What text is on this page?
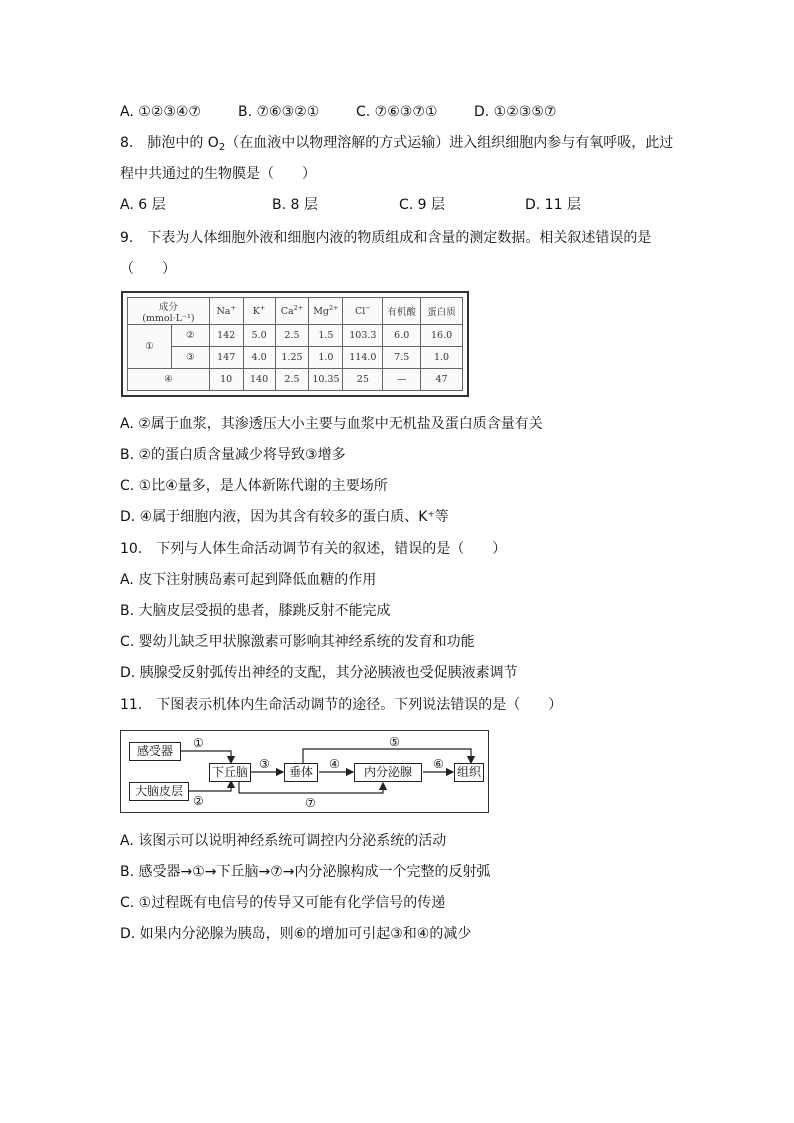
A. ①②③④⑦	B. ⑦⑥③②①	C. ⑦⑥③⑦①	D. ①②③⑤⑦
8.　肺泡中的 $O_2$（在血液中以物理溶解的方式运输）进入组织细胞内参与有氧呼吸，此过
程中共通过的生物膜是（　　）
A. 6 层	B. 8 层	C. 9 层	D. 11 层
9.　下表为人体细胞外液和细胞内液的物质组成和含量的测定数据。相关叙述错误的是
（　　）
成分
(mmol·L⁻¹)		Na+	K+	$Ca^{2+}$	$Mg^{2+}$	Cl−	有机酸	蛋白质
①	②	142	5.0	2.5	1.5	103.3	6.0	16.0
	③	147	4.0	1.25	1.0	114.0	7.5	1.0
④		10	140	2.5	10.35	25	—	47
A. ②属于血浆，其渗透压大小主要与血浆中无机盐及蛋白质含量有关
B. ②的蛋白质含量减少将导致③增多
C. ①比④量多，是人体新陈代谢的主要场所
D. ④属于细胞内液，因为其含有较多的蛋白质、K⁺等
10.　下列与人体生命活动调节有关的叙述，错误的是（　　）
A. 皮下注射胰岛素可起到降低血糖的作用
B. 大脑皮层受损的患者，膝跳反射不能完成
C. 婴幼儿缺乏甲状腺激素可影响其神经系统的发育和功能
D. 胰腺受反射弧传出神经的支配，其分泌胰液也受促胰液素调节
11.　下图表示机体内生命活动调节的途径。下列说法错误的是（　　）
感受器
大脑皮层
下丘脑	垂体	内分泌腺	组织
①
②
③	④
⑤
⑥
⑦
A. 该图示可以说明神经系统可调控内分泌系统的活动
B. 感受器→①→下丘脑→⑦→内分泌腺构成一个完整的反射弧
C. ①过程既有电信号的传导又可能有化学信号的传递
D. 如果内分泌腺为胰岛，则⑥的增加可引起③和④的减少
